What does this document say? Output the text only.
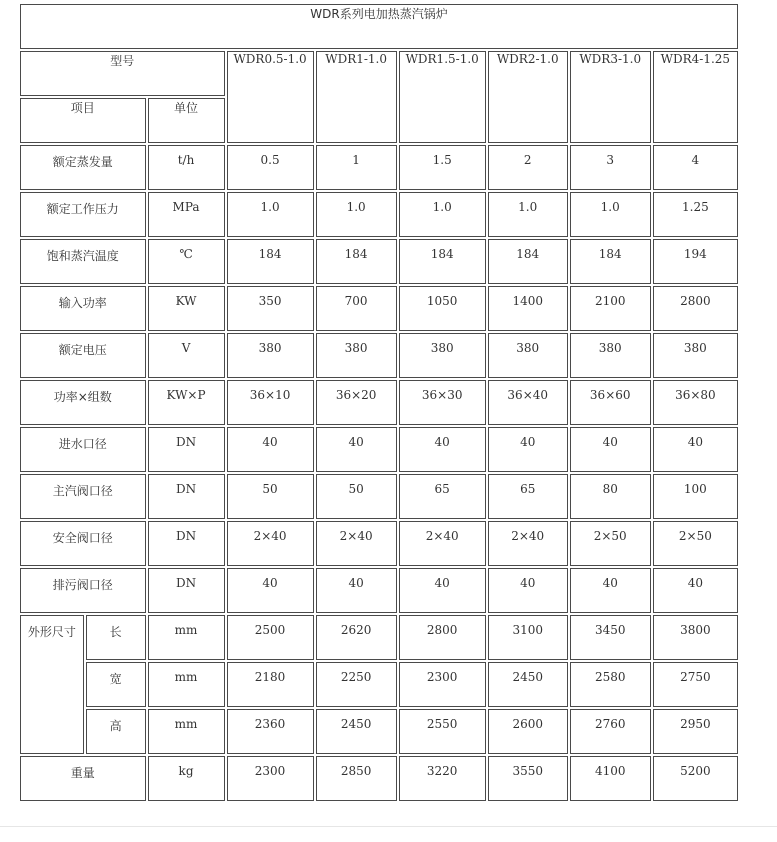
WDR系列电加热蒸汽锅炉								
型号			WDR0.5-1.0	WDR1-1.0	WDR1.5-1.0	WDR2-1.0	WDR3-1.0	WDR4-1.25
项目		单位						
额定蒸发量		t/h	0.5	1	1.5	2	3	4
额定工作压力		MPa	1.0	1.0	1.0	1.0	1.0	1.25
饱和蒸汽温度		℃	184	184	184	184	184	194
输入功率		KW	350	700	1050	1400	2100	2800
额定电压		V	380	380	380	380	380	380
功率×组数		KW×P	36×10	36×20	36×30	36×40	36×60	36×80
进水口径		DN	40	40	40	40	40	40
主汽阀口径		DN	50	50	65	65	80	100
安全阀口径		DN	2×40	2×40	2×40	2×40	2×50	2×50
排污阀口径		DN	40	40	40	40	40	40
外形尺寸	长	mm	2500	2620	2800	3100	3450	3800
	宽	mm	2180	2250	2300	2450	2580	2750
	高	mm	2360	2450	2550	2600	2760	2950
重量		kg	2300	2850	3220	3550	4100	5200
